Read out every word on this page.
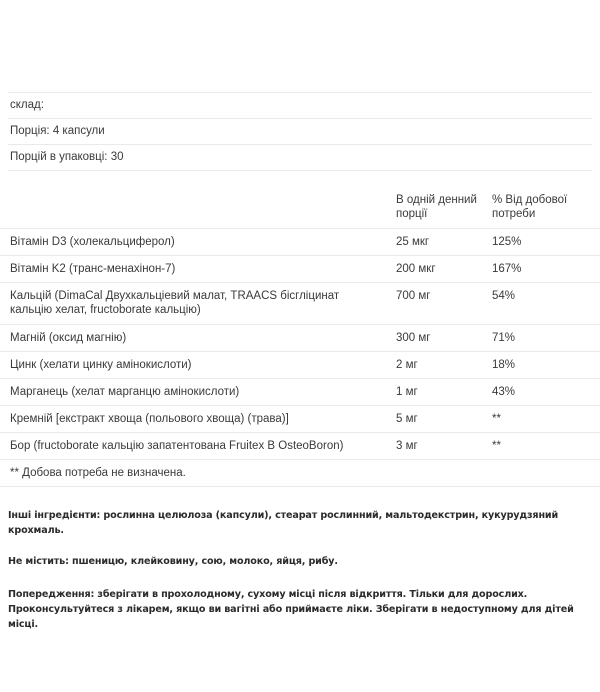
склад:
Порція: 4 капсули
Порцій в упаковці: 30
	В одній денний порції	% Від добової потреби
Вітамін D3 (холекальциферол)	25 мкг	125%
Вітамін K2 (транс-менахінон-7)	200 мкг	167%
Кальцій (DimaCal Двухкальціевий малат, TRAACS бісгліцинат кальцію хелат, fructoborate кальцію)	700 мг	54%
Магній (оксид магнію)	300 мг	71%
Цинк (хелати цинку амінокислоти)	2 мг	18%
Марганець (хелат марганцю амінокислоти)	1 мг	43%
Кремній [екстракт хвоща (польового хвоща) (трава)]	5 мг	**
Бор (fructoborate кальцію запатентована Fruitex B OsteoBoron)	3 мг	**
** Добова потреба не визначена.		

Інші інгредієнти: рослинна целюлоза (капсули), стеарат рослинний, мальтодекстрин, кукурудзяний крохмаль.

Не містить: пшеницю, клейковину, сою, молоко, яйця, рибу.

Попередження: зберігати в прохолодному, сухому місці після відкриття. Тільки для дорослих. Проконсультуйтеся з лікарем, якщо ви вагітні або приймаєте ліки. Зберігати в недоступному для дітей місці.
